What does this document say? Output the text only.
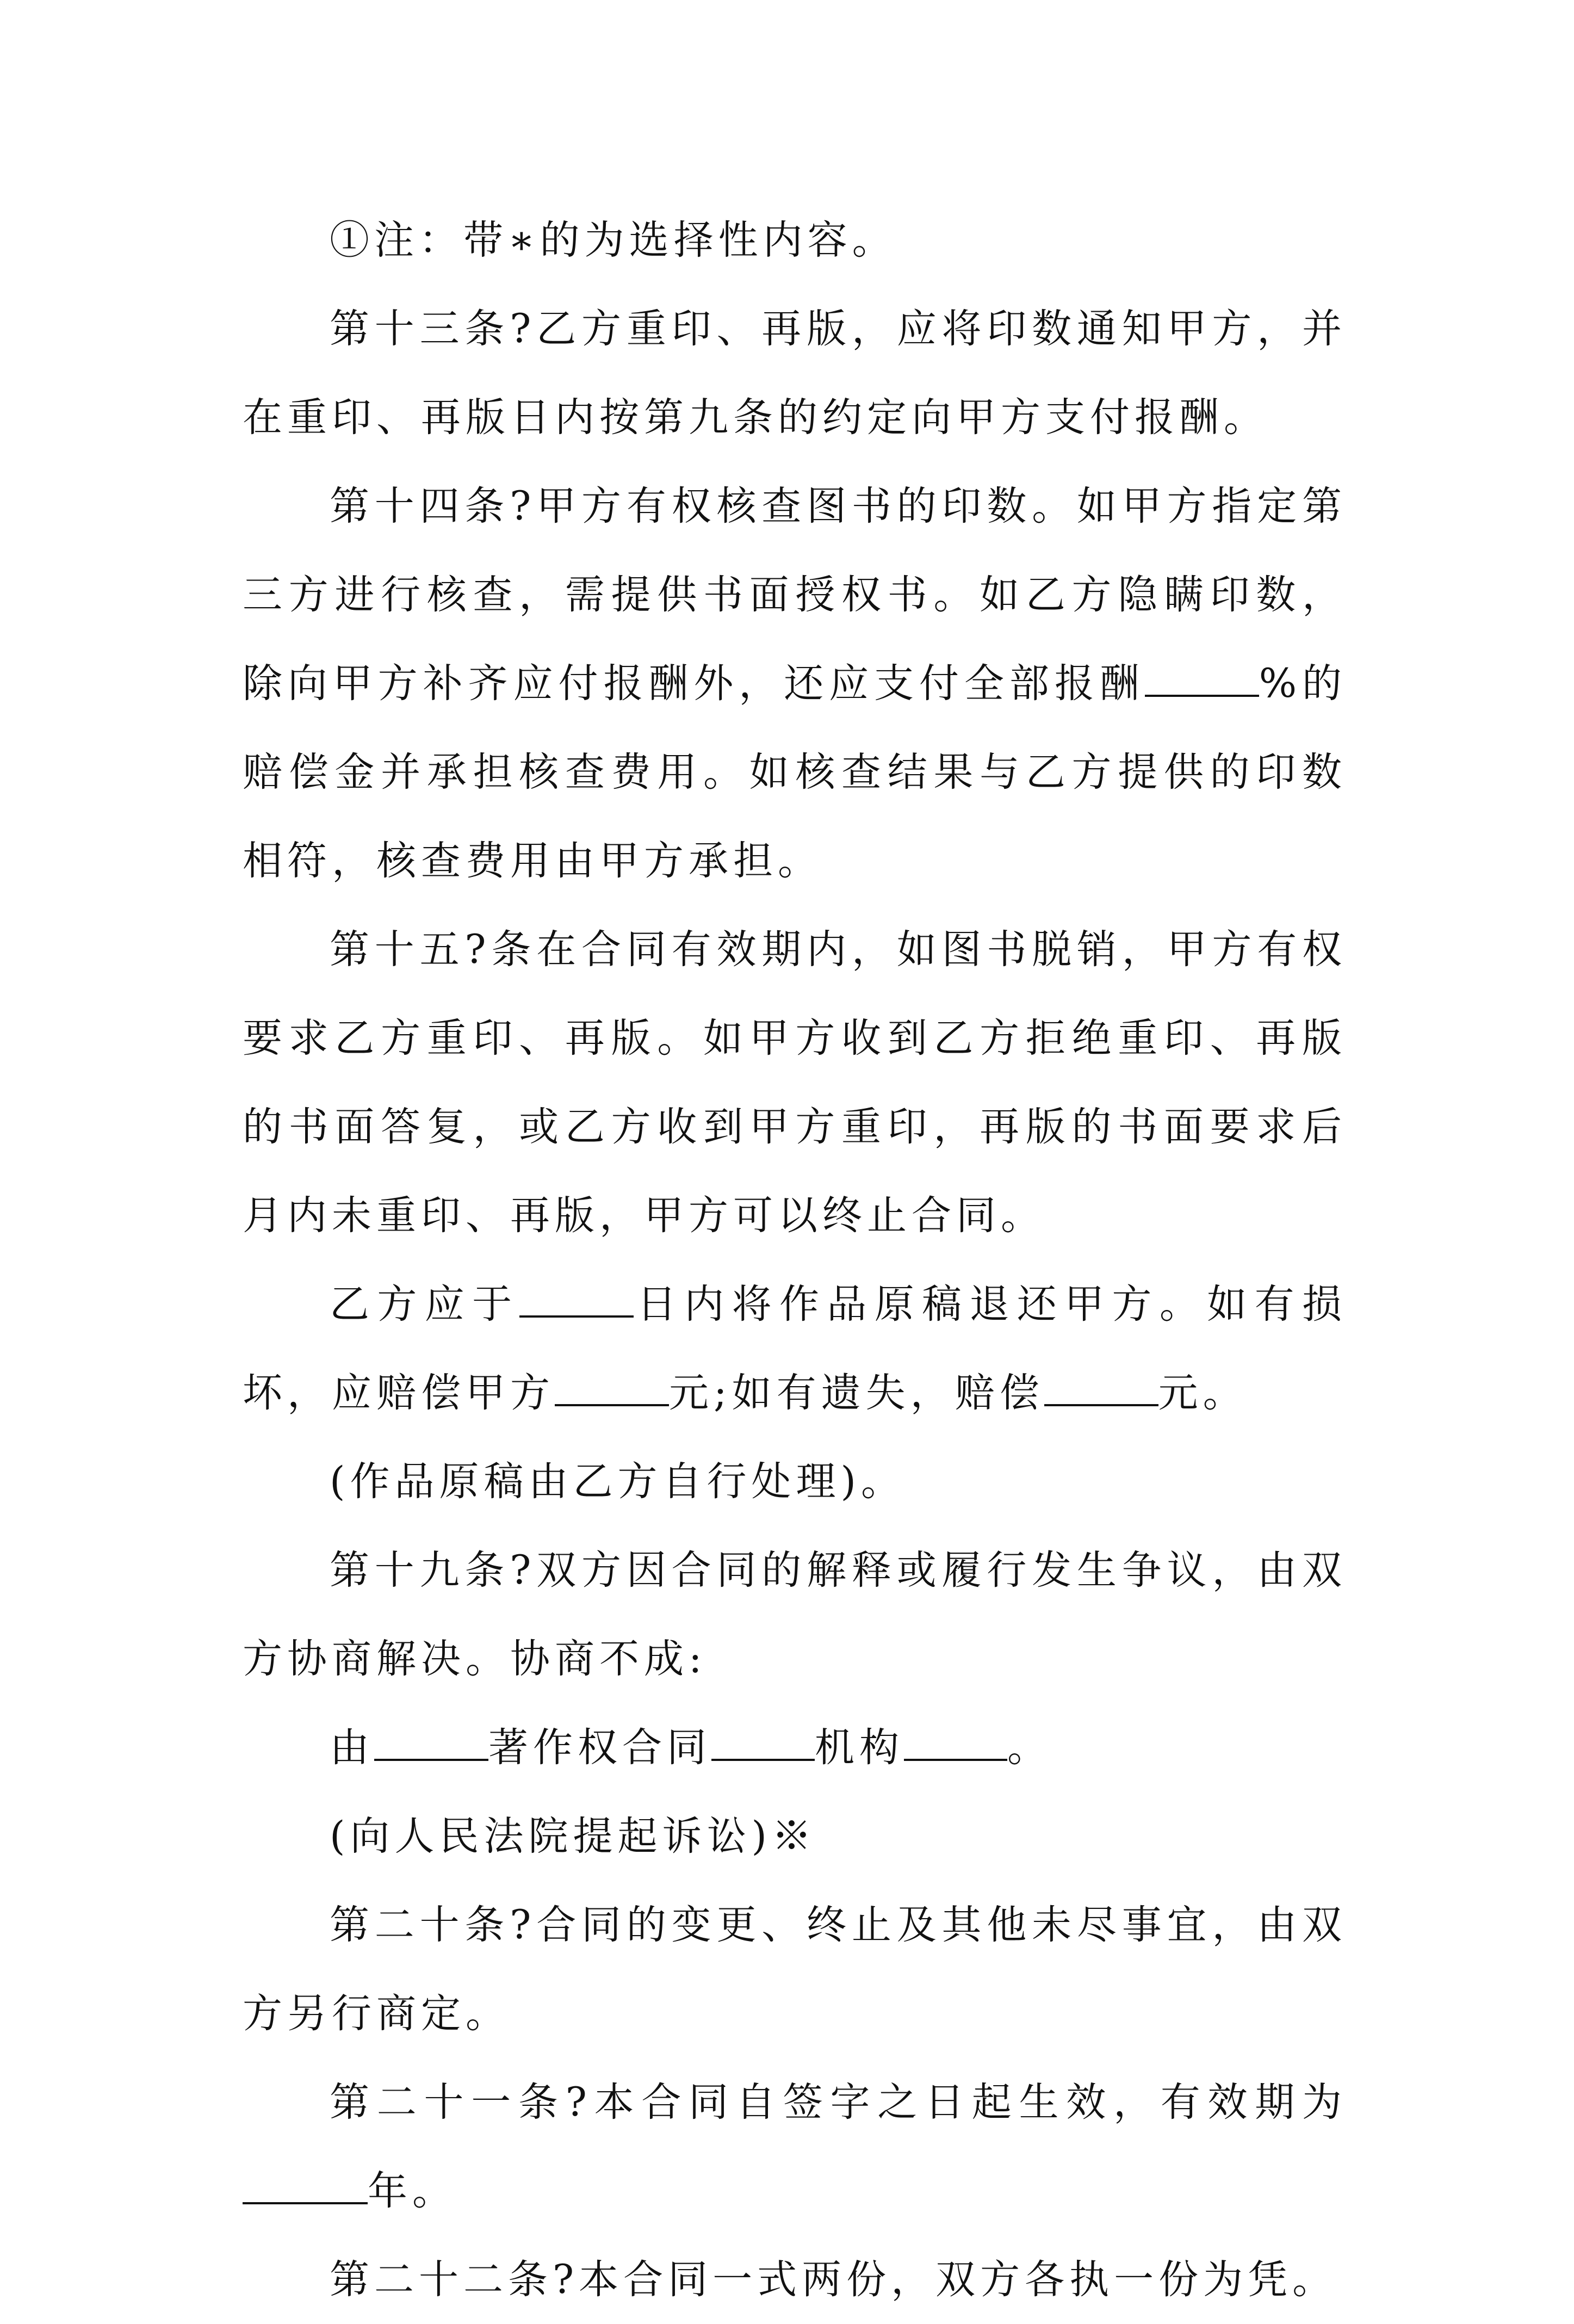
①注：带∗的为选择性内容。

第十三条?乙方重印、再版，应将印数通知甲方，并在重印、再版日内按第九条的约定向甲方支付报酬。

第十四条?甲方有权核查图书的印数。如甲方指定第三方进行核查，需提供书面授权书。如乙方隐瞒印数，除向甲方补齐应付报酬外，还应支付全部报酬	%的赔偿金并承担核查费用。如核查结果与乙方提供的印数相符，核查费用由甲方承担。

第十五?条在合同有效期内，如图书脱销，甲方有权要求乙方重印、再版。如甲方收到乙方拒绝重印、再版的书面答复，或乙方收到甲方重印，再版的书面要求后月内未重印、再版，甲方可以终止合同。

乙方应于	日内将作品原稿退还甲方。如有损坏，应赔偿甲方	元;如有遗失，赔偿	元。

(作品原稿由乙方自行处理)。

第十九条?双方因合同的解释或履行发生争议，由双方协商解决。协商不成:

由	著作权合同	机构	。

(向人民法院提起诉讼)※

第二十条?合同的变更、终止及其他未尽事宜，由双方另行商定。

第二十一条?本合同自签字之日起生效，有效期为年。

第二十二条?本合同一式两份，双方各执一份为凭。
